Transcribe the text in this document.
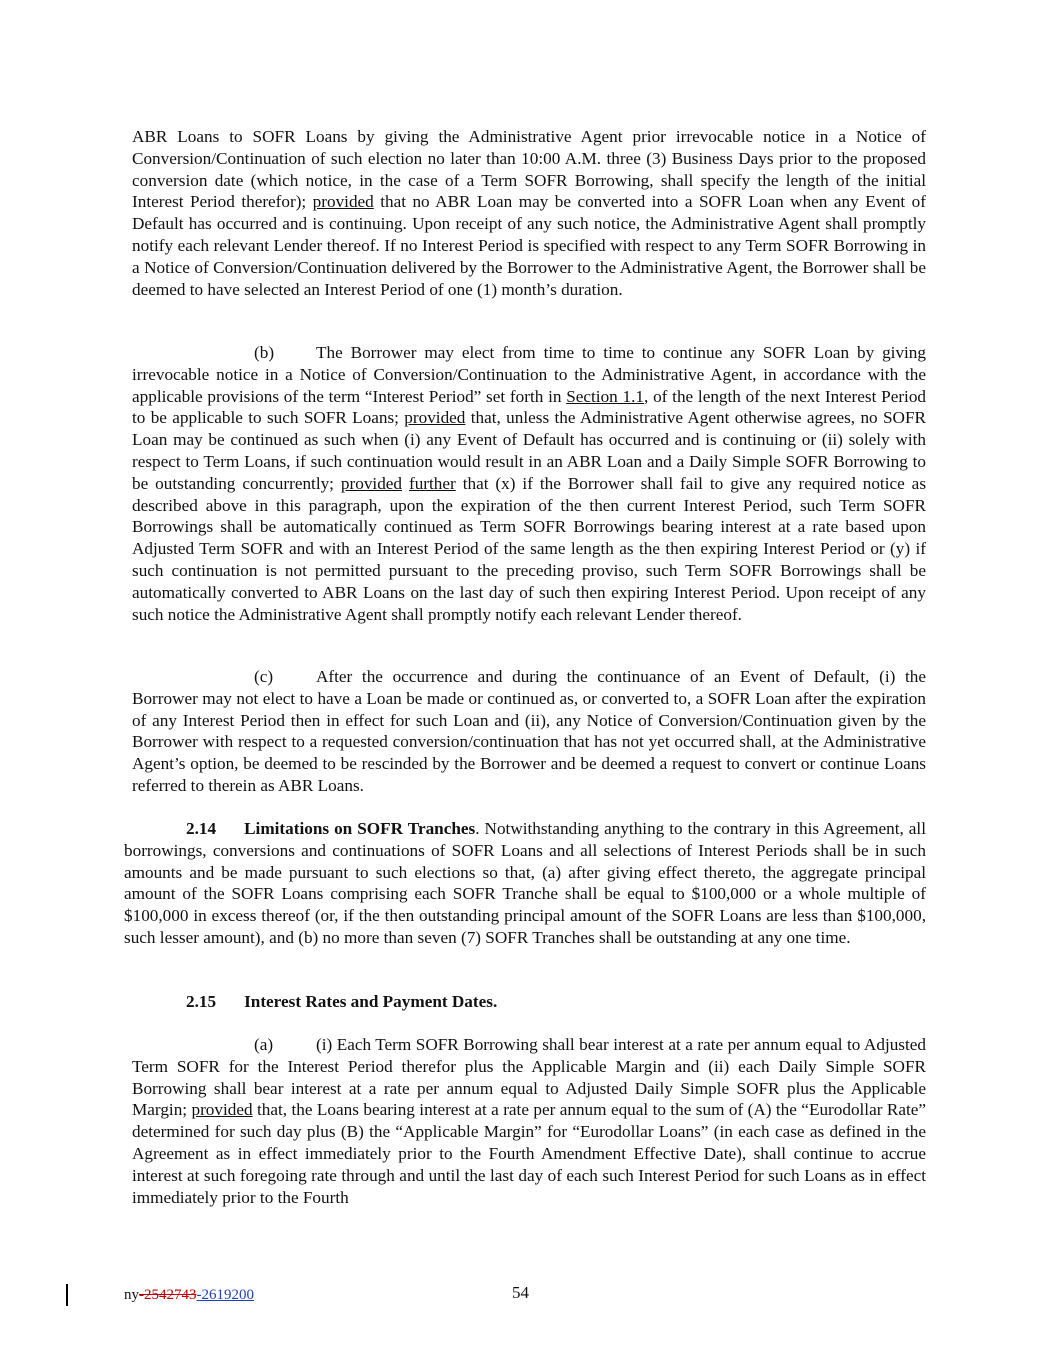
ABR Loans to SOFR Loans by giving the Administrative Agent prior irrevocable notice in a Notice of Conversion/Continuation of such election no later than 10:00 A.M. three (3) Business Days prior to the proposed conversion date (which notice, in the case of a Term SOFR Borrowing, shall specify the length of the initial Interest Period therefor); provided that no ABR Loan may be converted into a SOFR Loan when any Event of Default has occurred and is continuing. Upon receipt of any such notice, the Administrative Agent shall promptly notify each relevant Lender thereof. If no Interest Period is specified with respect to any Term SOFR Borrowing in a Notice of Conversion/Continuation delivered by the Borrower to the Administrative Agent, the Borrower shall be deemed to have selected an Interest Period of one (1) month’s duration.

(b) The Borrower may elect from time to time to continue any SOFR Loan by giving irrevocable notice in a Notice of Conversion/Continuation to the Administrative Agent, in accordance with the applicable provisions of the term “Interest Period” set forth in Section 1.1, of the length of the next Interest Period to be applicable to such SOFR Loans; provided that, unless the Administrative Agent otherwise agrees, no SOFR Loan may be continued as such when (i) any Event of Default has occurred and is continuing or (ii) solely with respect to Term Loans, if such continuation would result in an ABR Loan and a Daily Simple SOFR Borrowing to be outstanding concurrently; provided further that (x) if the Borrower shall fail to give any required notice as described above in this paragraph, upon the expiration of the then current Interest Period, such Term SOFR Borrowings shall be automatically continued as Term SOFR Borrowings bearing interest at a rate based upon Adjusted Term SOFR and with an Interest Period of the same length as the then expiring Interest Period or (y) if such continuation is not permitted pursuant to the preceding proviso, such Term SOFR Borrowings shall be automatically converted to ABR Loans on the last day of such then expiring Interest Period. Upon receipt of any such notice the Administrative Agent shall promptly notify each relevant Lender thereof.

(c) After the occurrence and during the continuance of an Event of Default, (i) the Borrower may not elect to have a Loan be made or continued as, or converted to, a SOFR Loan after the expiration of any Interest Period then in effect for such Loan and (ii), any Notice of Conversion/Continuation given by the Borrower with respect to a requested conversion/continuation that has not yet occurred shall, at the Administrative Agent’s option, be deemed to be rescinded by the Borrower and be deemed a request to convert or continue Loans referred to therein as ABR Loans.

2.14 Limitations on SOFR Tranches. Notwithstanding anything to the contrary in this Agreement, all borrowings, conversions and continuations of SOFR Loans and all selections of Interest Periods shall be in such amounts and be made pursuant to such elections so that, (a) after giving effect thereto, the aggregate principal amount of the SOFR Loans comprising each SOFR Tranche shall be equal to $100,000 or a whole multiple of $100,000 in excess thereof (or, if the then outstanding principal amount of the SOFR Loans are less than $100,000, such lesser amount), and (b) no more than seven (7) SOFR Tranches shall be outstanding at any one time.

2.15 Interest Rates and Payment Dates.

(a) (i) Each Term SOFR Borrowing shall bear interest at a rate per annum equal to Adjusted Term SOFR for the Interest Period therefor plus the Applicable Margin and (ii) each Daily Simple SOFR Borrowing shall bear interest at a rate per annum equal to Adjusted Daily Simple SOFR plus the Applicable Margin; provided that, the Loans bearing interest at a rate per annum equal to the sum of (A) the “Eurodollar Rate” determined for such day plus (B) the “Applicable Margin” for “Eurodollar Loans” (in each case as defined in the Agreement as in effect immediately prior to the Fourth Amendment Effective Date), shall continue to accrue interest at such foregoing rate through and until the last day of each such Interest Period for such Loans as in effect immediately prior to the Fourth

ny-2542743-2619200	54
